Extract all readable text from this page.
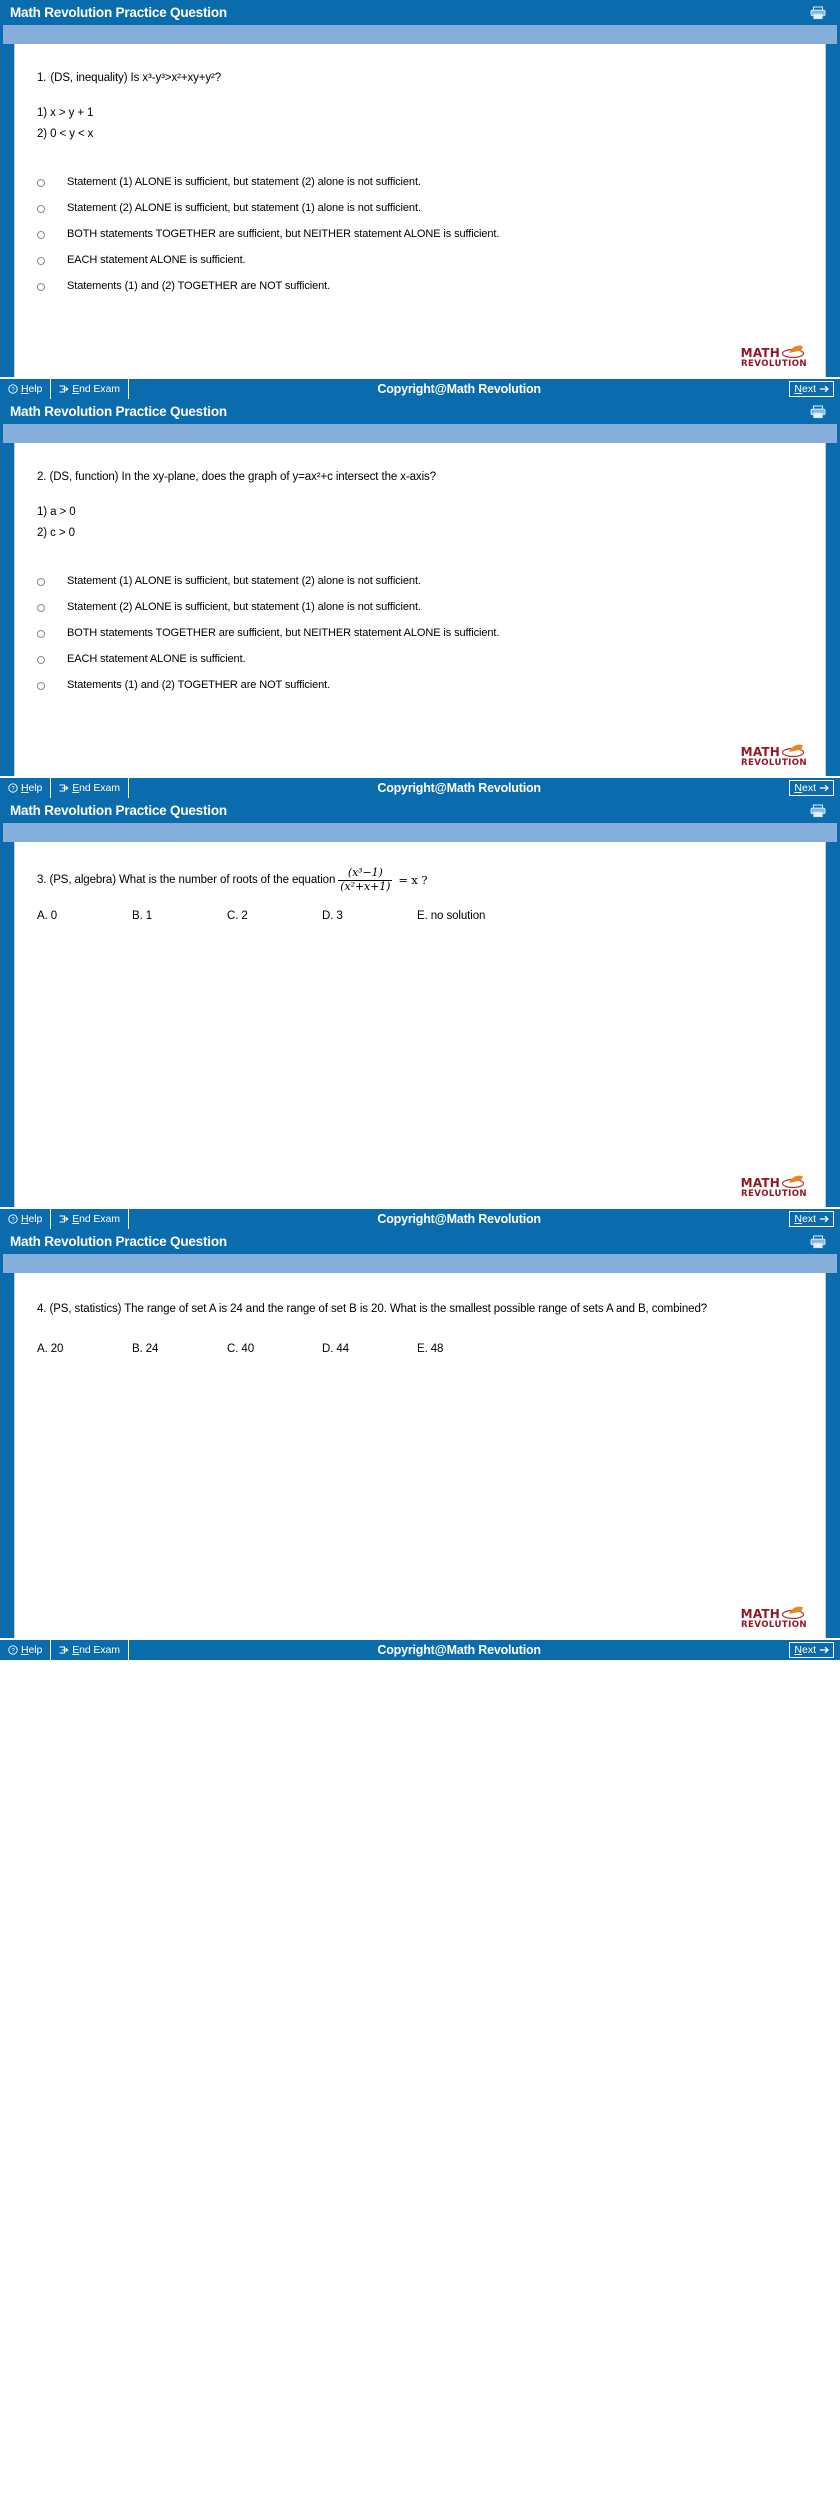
Math Revolution Practice Question
1. (DS, inequality) Is x³-y³>x²+xy+y²?
1) x > y + 1
2) 0 < y < x
Statement (1) ALONE is sufficient, but statement (2) alone is not sufficient.
Statement (2) ALONE is sufficient, but statement (1) alone is not sufficient.
BOTH statements TOGETHER are sufficient, but NEITHER statement ALONE is sufficient.
EACH statement ALONE is sufficient.
Statements (1) and (2) TOGETHER are NOT sufficient.
MATH
REVOLUTION
? Help	End Exam	Copyright@Math Revolution	Next
Math Revolution Practice Question
2. (DS, function) In the xy-plane, does the graph of y=ax²+c intersect the x-axis?
1) a > 0
2) c > 0
Statement (1) ALONE is sufficient, but statement (2) alone is not sufficient.
Statement (2) ALONE is sufficient, but statement (1) alone is not sufficient.
BOTH statements TOGETHER are sufficient, but NEITHER statement ALONE is sufficient.
EACH statement ALONE is sufficient.
Statements (1) and (2) TOGETHER are NOT sufficient.
MATH
REVOLUTION
? Help	End Exam	Copyright@Math Revolution	Next
Math Revolution Practice Question
3. (PS, algebra) What is the number of roots of the equation $\frac{\text{(x³−1)}}{\text{(x²+x+1)}} = x$ ?
A. 0	B. 1	C. 2	D. 3	E. no solution
MATH
REVOLUTION
? Help	End Exam	Copyright@Math Revolution	Next
Math Revolution Practice Question
4. (PS, statistics) The range of set A is 24 and the range of set B is 20. What is the smallest possible range of sets A and B, combined?
A. 20	B. 24	C. 40	D. 44	E. 48
MATH
REVOLUTION
? Help	End Exam	Copyright@Math Revolution	Next
